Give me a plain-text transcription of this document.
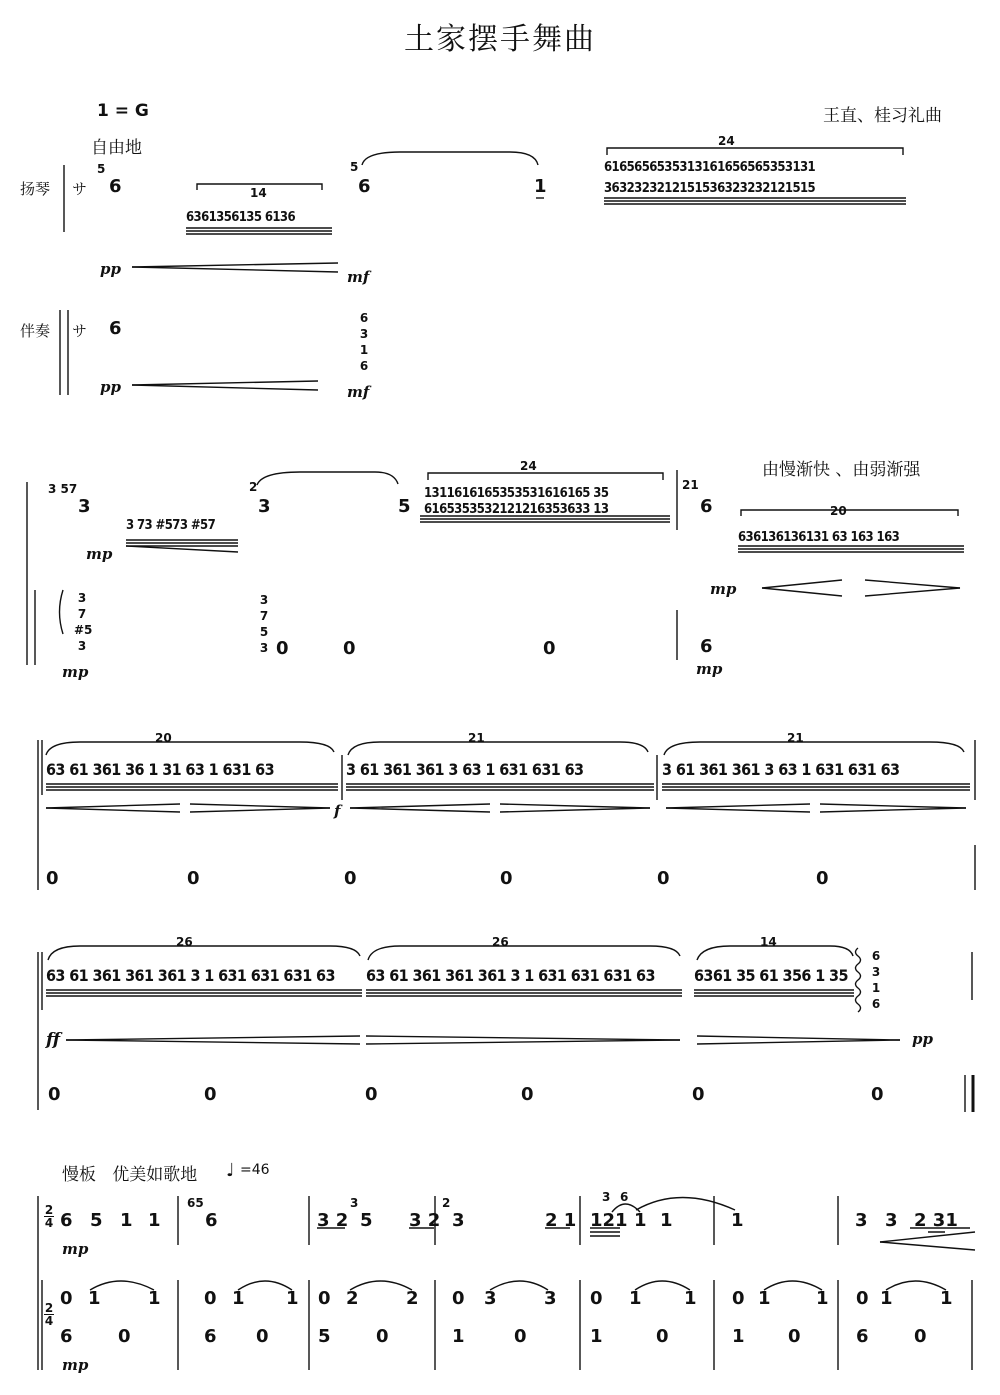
土家摆手舞曲
1 = G	王直、桂习礼曲
自由地
扬琴
伴奏
サ
サ
5
6	14
6361356135 6136
5
6	1
24
6165656535313161656565353131
3632323212151536323232121515
pp	mf
6	6
3
1
6
pp	mf
由慢渐快 、由弱渐强
3 57
3
3 73 #573 #57
mp
2
3	5
24
1311616165353531616165 35
6165353532121216353633 13
21
6	20
636136136131 63 163 163
mp
3
7
#5
3
mp
3
7
5
3 0	0	0	6
mp
20	21	21
63 61 361 36 1 31 63 1 631 63	3 61 361 361 3 63 1 631 631 63	3 61 361 361 3 63 1 631 631 63
f
0	0	0	0	0	0
26	26	14
63 61 361 361 361 3 1 631 631 631 63 63 61 361 361 361 3 1 631 631 631 63 6361 35 61 356 1 35
6
3
1
6
ff	pp
0	0	0	0	0	0
慢板   优美如歌地 ♩ =46
2
4
2
4
6 5 1 1
65
6	3 2
3
5 3 2
2
3	2 1
3 6
121 1 1	1	3 3 2 31
mp
0 1	1 0 1 1 0 2	2 0 3	3 0 1 1 0 1	1 0 1	1
6	0	6 0	5	0	1	0	1	0	1 0	6	0
mp
